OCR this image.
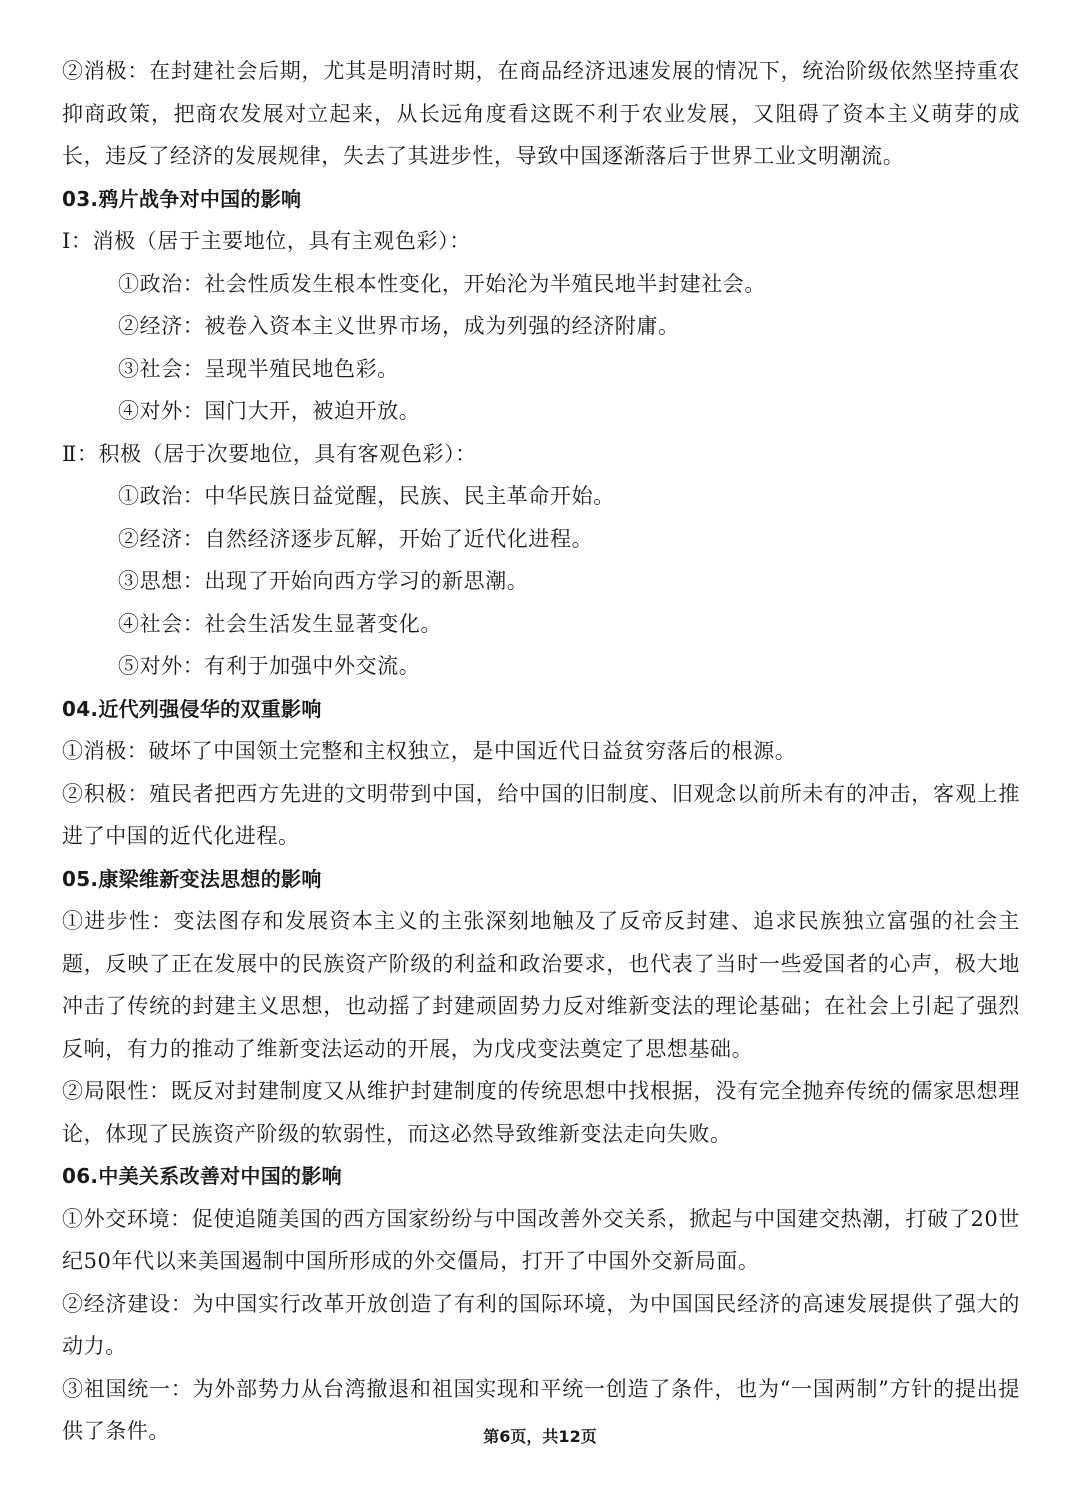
②消极：在封建社会后期，尤其是明清时期，在商品经济迅速发展的情况下，统治阶级依然坚持重农抑商政策，把商农发展对立起来，从长远角度看这既不利于农业发展，又阻碍了资本主义萌芽的成长，违反了经济的发展规律，失去了其进步性，导致中国逐渐落后于世界工业文明潮流。

03.鸦片战争对中国的影响

Ⅰ：消极（居于主要地位，具有主观色彩）：

①政治：社会性质发生根本性变化，开始沦为半殖民地半封建社会。

②经济：被卷入资本主义世界市场，成为列强的经济附庸。

③社会：呈现半殖民地色彩。

④对外：国门大开，被迫开放。

Ⅱ：积极（居于次要地位，具有客观色彩）：

①政治：中华民族日益觉醒，民族、民主革命开始。

②经济：自然经济逐步瓦解，开始了近代化进程。

③思想：出现了开始向西方学习的新思潮。

④社会：社会生活发生显著变化。

⑤对外：有利于加强中外交流。

04.近代列强侵华的双重影响

①消极：破坏了中国领土完整和主权独立，是中国近代日益贫穷落后的根源。

②积极：殖民者把西方先进的文明带到中国，给中国的旧制度、旧观念以前所未有的冲击，客观上推进了中国的近代化进程。

05.康梁维新变法思想的影响

①进步性：变法图存和发展资本主义的主张深刻地触及了反帝反封建、追求民族独立富强的社会主题，反映了正在发展中的民族资产阶级的利益和政治要求，也代表了当时一些爱国者的心声，极大地冲击了传统的封建主义思想，也动摇了封建顽固势力反对维新变法的理论基础；在社会上引起了强烈反响，有力的推动了维新变法运动的开展，为戊戌变法奠定了思想基础。

②局限性：既反对封建制度又从维护封建制度的传统思想中找根据，没有完全抛弃传统的儒家思想理论，体现了民族资产阶级的软弱性，而这必然导致维新变法走向失败。

06.中美关系改善对中国的影响

①外交环境：促使追随美国的西方国家纷纷与中国改善外交关系，掀起与中国建交热潮，打破了20世纪50年代以来美国遏制中国所形成的外交僵局，打开了中国外交新局面。

②经济建设：为中国实行改革开放创造了有利的国际环境，为中国国民经济的高速发展提供了强大的动力。

③祖国统一：为外部势力从台湾撤退和祖国实现和平统一创造了条件，也为“一国两制”方针的提出提供了条件。	第6页，共12页
